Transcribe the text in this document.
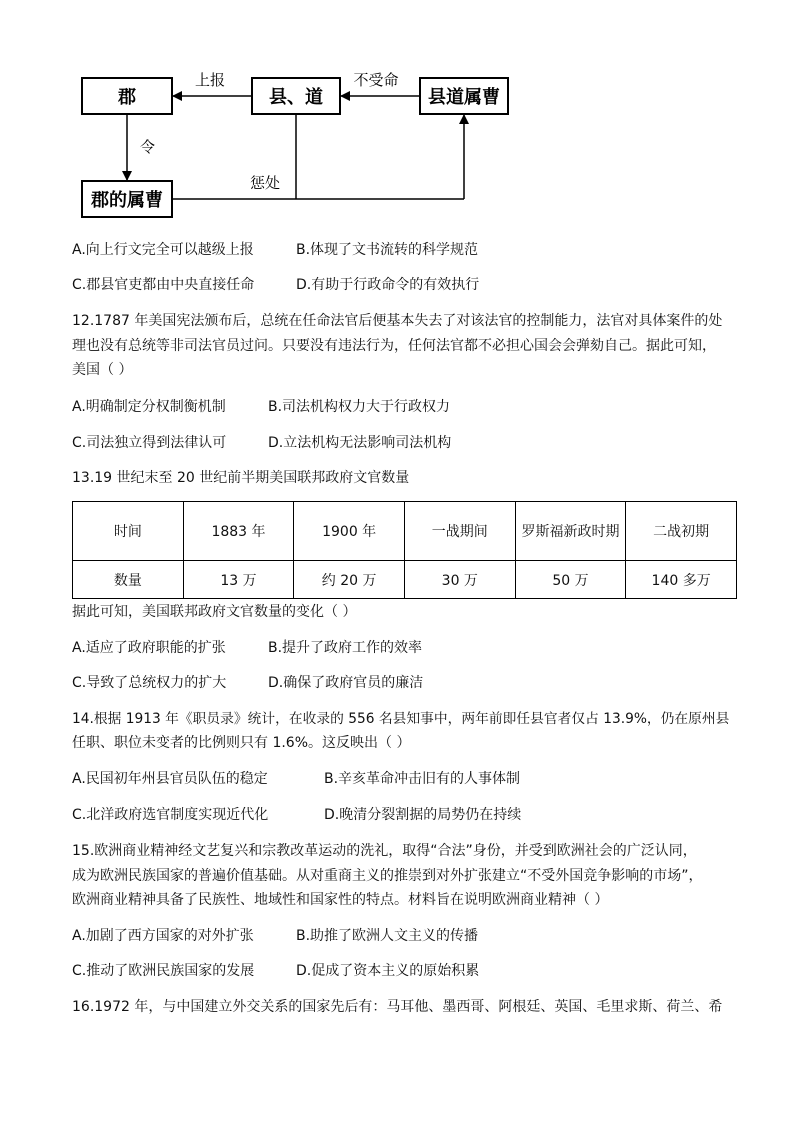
郡	县、道	县道属曹
郡的属曹
上报	不受命
令
惩处
A.向上行文完全可以越级上报	B.体现了文书流转的科学规范
C.郡县官吏都由中央直接任命	D.有助于行政命令的有效执行
12.1787 年美国宪法颁布后，总统在任命法官后便基本失去了对该法官的控制能力，法官对具体案件的处
理也没有总统等非司法官员过问。只要没有违法行为，任何法官都不必担心国会会弹劾自己。据此可知，
美国（ ）
A.明确制定分权制衡机制	B.司法机构权力大于行政权力
C.司法独立得到法律认可	D.立法机构无法影响司法机构
13.19 世纪末至 20 世纪前半期美国联邦政府文官数量
时间	1883 年	1900 年	一战期间	罗斯福新政时期	二战初期
数量	13 万	约 20 万	30 万	50 万	140 多万
据此可知，美国联邦政府文官数量的变化（ ）
A.适应了政府职能的扩张	B.提升了政府工作的效率
C.导致了总统权力的扩大	D.确保了政府官员的廉洁
14.根据 1913 年《职员录》统计，在收录的 556 名县知事中，两年前即任县官者仅占 13.9%，仍在原州县
任职、职位未变者的比例则只有 1.6%。这反映出（ ）
A.民国初年州县官员队伍的稳定	B.辛亥革命冲击旧有的人事体制
C.北洋政府选官制度实现近代化	D.晚清分裂割据的局势仍在持续
15.欧洲商业精神经文艺复兴和宗教改革运动的洗礼，取得“合法”身份，并受到欧洲社会的广泛认同，
成为欧洲民族国家的普遍价值基础。从对重商主义的推崇到对外扩张建立“不受外国竞争影响的市场”，
欧洲商业精神具备了民族性、地域性和国家性的特点。材料旨在说明欧洲商业精神（ ）
A.加剧了西方国家的对外扩张	B.助推了欧洲人文主义的传播
C.推动了欧洲民族国家的发展	D.促成了资本主义的原始积累
16.1972 年，与中国建立外交关系的国家先后有：马耳他、墨西哥、阿根廷、英国、毛里求斯、荷兰、希
